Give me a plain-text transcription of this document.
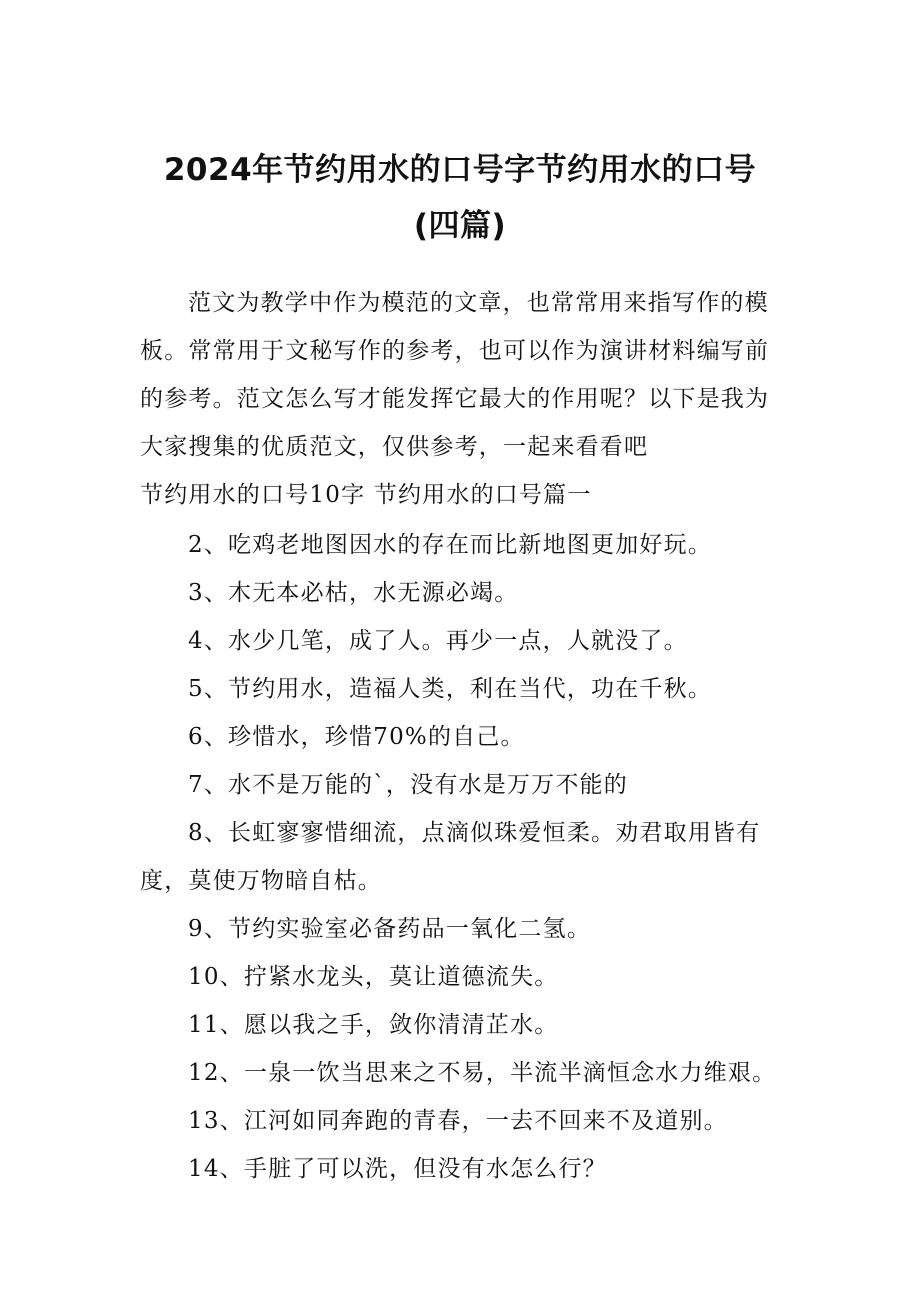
2024年节约用水的口号字节约用水的口号
(四篇)
范文为教学中作为模范的文章，也常常用来指写作的模
板。常常用于文秘写作的参考，也可以作为演讲材料编写前
的参考。范文怎么写才能发挥它最大的作用呢？以下是我为
大家搜集的优质范文，仅供参考，一起来看看吧
节约用水的口号10字 节约用水的口号篇一
2、吃鸡老地图因水的存在而比新地图更加好玩。
3、木无本必枯，水无源必竭。
4、水少几笔，成了人。再少一点，人就没了。
5、节约用水，造福人类，利在当代，功在千秋。
6、珍惜水，珍惜70%的自己。
7、水不是万能的`，没有水是万万不能的
8、长虹寥寥惜细流，点滴似珠爱恒柔。劝君取用皆有
度，莫使万物暗自枯。
9、节约实验室必备药品一氧化二氢。
10、拧紧水龙头，莫让道德流失。
11、愿以我之手，敛你清清芷水。
12、一泉一饮当思来之不易，半流半滴恒念水力维艰。
13、江河如同奔跑的青春，一去不回来不及道别。
14、手脏了可以洗，但没有水怎么行？
